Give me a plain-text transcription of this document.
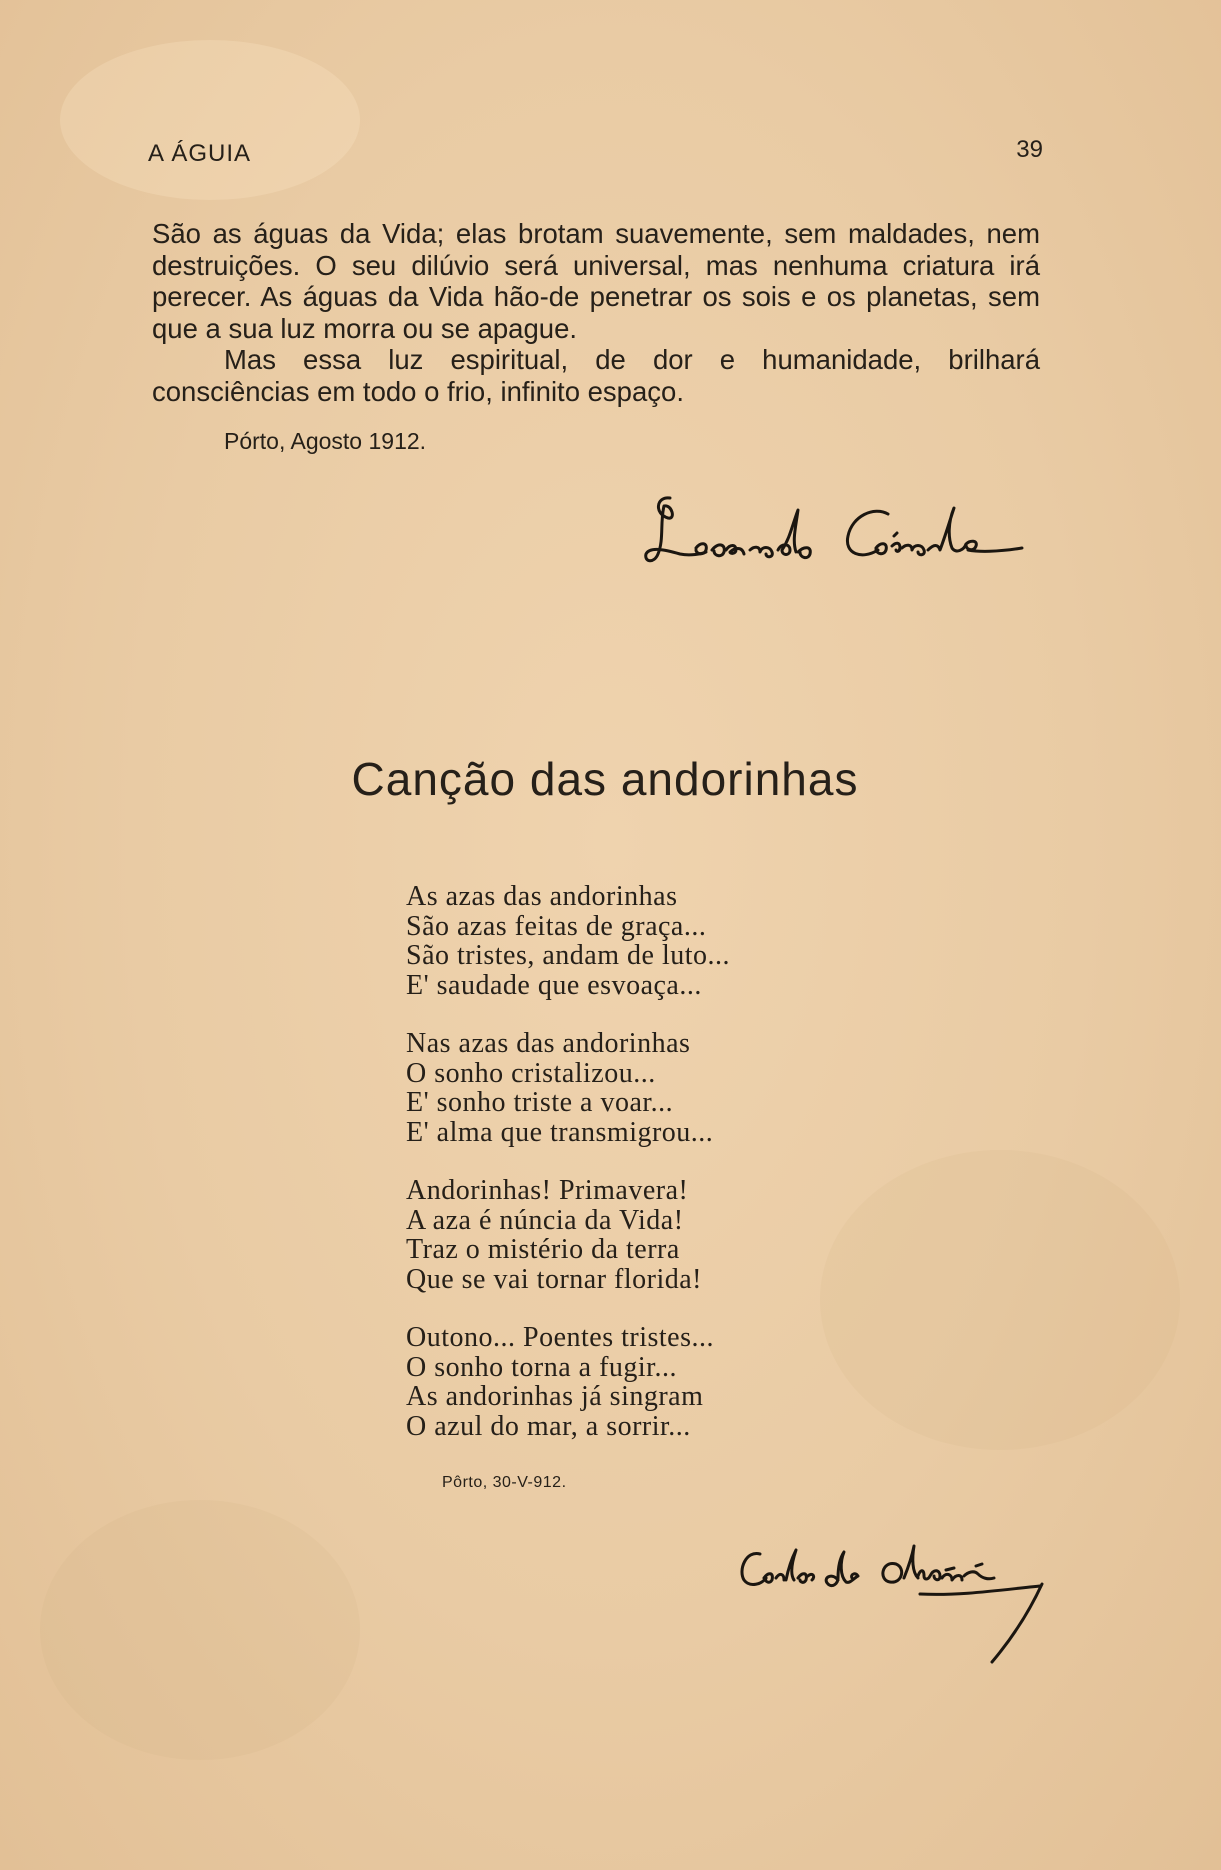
A ÁGUIA	39

São as águas da Vida; elas brotam suavemente, sem maldades, nem destruições. O seu dilúvio será universal, mas nenhuma criatura irá perecer. As águas da Vida hão-de penetrar os sois e os planetas, sem que a sua luz morra ou se apague.

Mas essa luz espiritual, de dor e humanidade, brilhará consciências em todo o frio, infinito espaço.

Pórto, Agosto 1912.
Canção das andorinhas
As azas das andorinhas
São azas feitas de graça...
São tristes, andam de luto...
E' saudade que esvoaça...
Nas azas das andorinhas
O sonho cristalizou...
E' sonho triste a voar...
E' alma que transmigrou...
Andorinhas! Primavera!
A aza é núncia da Vida!
Traz o mistério da terra
Que se vai tornar florida!
Outono... Poentes tristes...
O sonho torna a fugir...
As andorinhas já singram
O azul do mar, a sorrir...
Pôrto, 30-V-912.
